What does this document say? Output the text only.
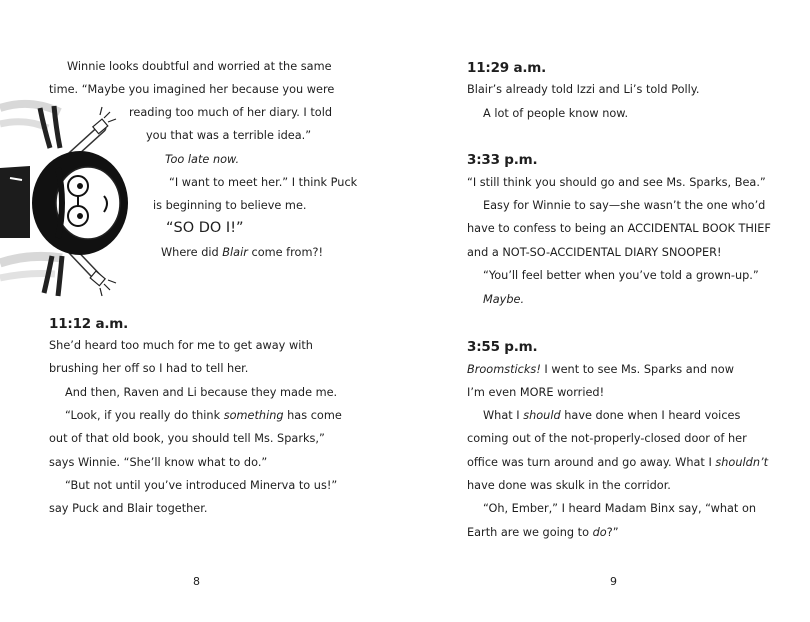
Winnie looks doubtful and worried at the same
time. “Maybe you imagined her because you were
reading too much of her diary. I told
you that was a terrible idea.”
Too late now.
“I want to meet her.” I think Puck
is beginning to believe me.
“SO DO I!”
Where did Blair come from?!
11:12 a.m.
She’d heard too much for me to get away with
brushing her off so I had to tell her.
And then, Raven and Li because they made me.
“Look, if you really do think something has come
out of that old book, you should tell Ms. Sparks,”
says Winnie. “She’ll know what to do.”
“But not until you’ve introduced Minerva to us!”
say Puck and Blair together.
8
11:29 a.m.
Blair’s already told Izzi and Li’s told Polly.
A lot of people know now.
3:33 p.m.
“I still think you should go and see Ms. Sparks, Bea.”
Easy for Winnie to say—she wasn’t the one who’d
have to confess to being an ACCIDENTAL BOOK THIEF
and a NOT-SO-ACCIDENTAL DIARY SNOOPER!
“You’ll feel better when you’ve told a grown-up.”
Maybe.
3:55 p.m.
Broomsticks! I went to see Ms. Sparks and now
I’m even MORE worried!
What I should have done when I heard voices
coming out of the not-properly-closed door of her
office was turn around and go away. What I shouldn’t
have done was skulk in the corridor.
“Oh, Ember,” I heard Madam Binx say, “what on
Earth are we going to do?”
9
